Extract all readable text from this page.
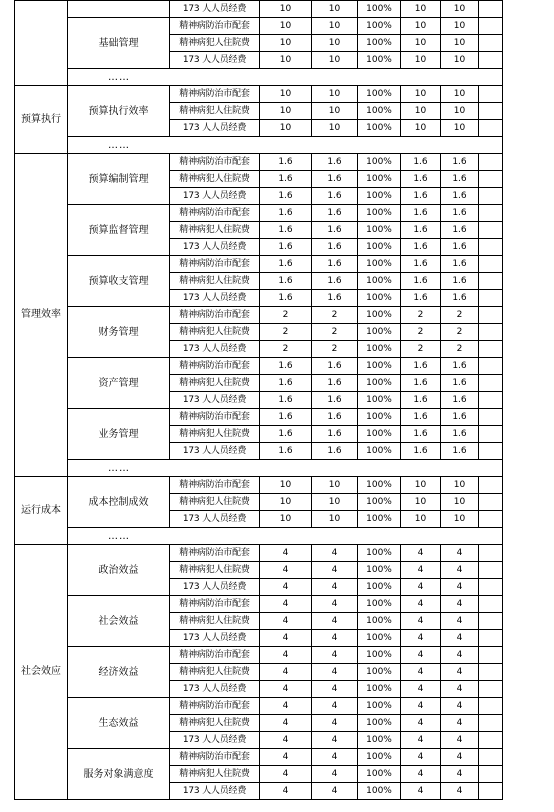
		173 人人员经费	10	10	100%	10	10	
	基础管理	精神病防治市配套	10	10	100%	10	10	
		精神病犯人住院费	10	10	100%	10	10	
		173 人人员经费	10	10	100%	10	10	
	……							
预算执行	预算执行效率	精神病防治市配套	10	10	100%	10	10	
		精神病犯人住院费	10	10	100%	10	10	
		173 人人员经费	10	10	100%	10	10	
	……							
管理效率	预算编制管理	精神病防治市配套	1.6	1.6	100%	1.6	1.6	
		精神病犯人住院费	1.6	1.6	100%	1.6	1.6	
		173 人人员经费	1.6	1.6	100%	1.6	1.6	
	预算监督管理	精神病防治市配套	1.6	1.6	100%	1.6	1.6	
		精神病犯人住院费	1.6	1.6	100%	1.6	1.6	
		173 人人员经费	1.6	1.6	100%	1.6	1.6	
	预算收支管理	精神病防治市配套	1.6	1.6	100%	1.6	1.6	
		精神病犯人住院费	1.6	1.6	100%	1.6	1.6	
		173 人人员经费	1.6	1.6	100%	1.6	1.6	
	财务管理	精神病防治市配套	2	2	100%	2	2	
		精神病犯人住院费	2	2	100%	2	2	
		173 人人员经费	2	2	100%	2	2	
	资产管理	精神病防治市配套	1.6	1.6	100%	1.6	1.6	
		精神病犯人住院费	1.6	1.6	100%	1.6	1.6	
		173 人人员经费	1.6	1.6	100%	1.6	1.6	
	业务管理	精神病防治市配套	1.6	1.6	100%	1.6	1.6	
		精神病犯人住院费	1.6	1.6	100%	1.6	1.6	
		173 人人员经费	1.6	1.6	100%	1.6	1.6	
	……							
运行成本	成本控制成效	精神病防治市配套	10	10	100%	10	10	
		精神病犯人住院费	10	10	100%	10	10	
		173 人人员经费	10	10	100%	10	10	
	……							
社会效应	政治效益	精神病防治市配套	4	4	100%	4	4	
		精神病犯人住院费	4	4	100%	4	4	
		173 人人员经费	4	4	100%	4	4	
	社会效益	精神病防治市配套	4	4	100%	4	4	
		精神病犯人住院费	4	4	100%	4	4	
		173 人人员经费	4	4	100%	4	4	
	经济效益	精神病防治市配套	4	4	100%	4	4	
		精神病犯人住院费	4	4	100%	4	4	
		173 人人员经费	4	4	100%	4	4	
	生态效益	精神病防治市配套	4	4	100%	4	4	
		精神病犯人住院费	4	4	100%	4	4	
		173 人人员经费	4	4	100%	4	4	
	服务对象满意度	精神病防治市配套	4	4	100%	4	4	
		精神病犯人住院费	4	4	100%	4	4	
		173 人人员经费	4	4	100%	4	4	
